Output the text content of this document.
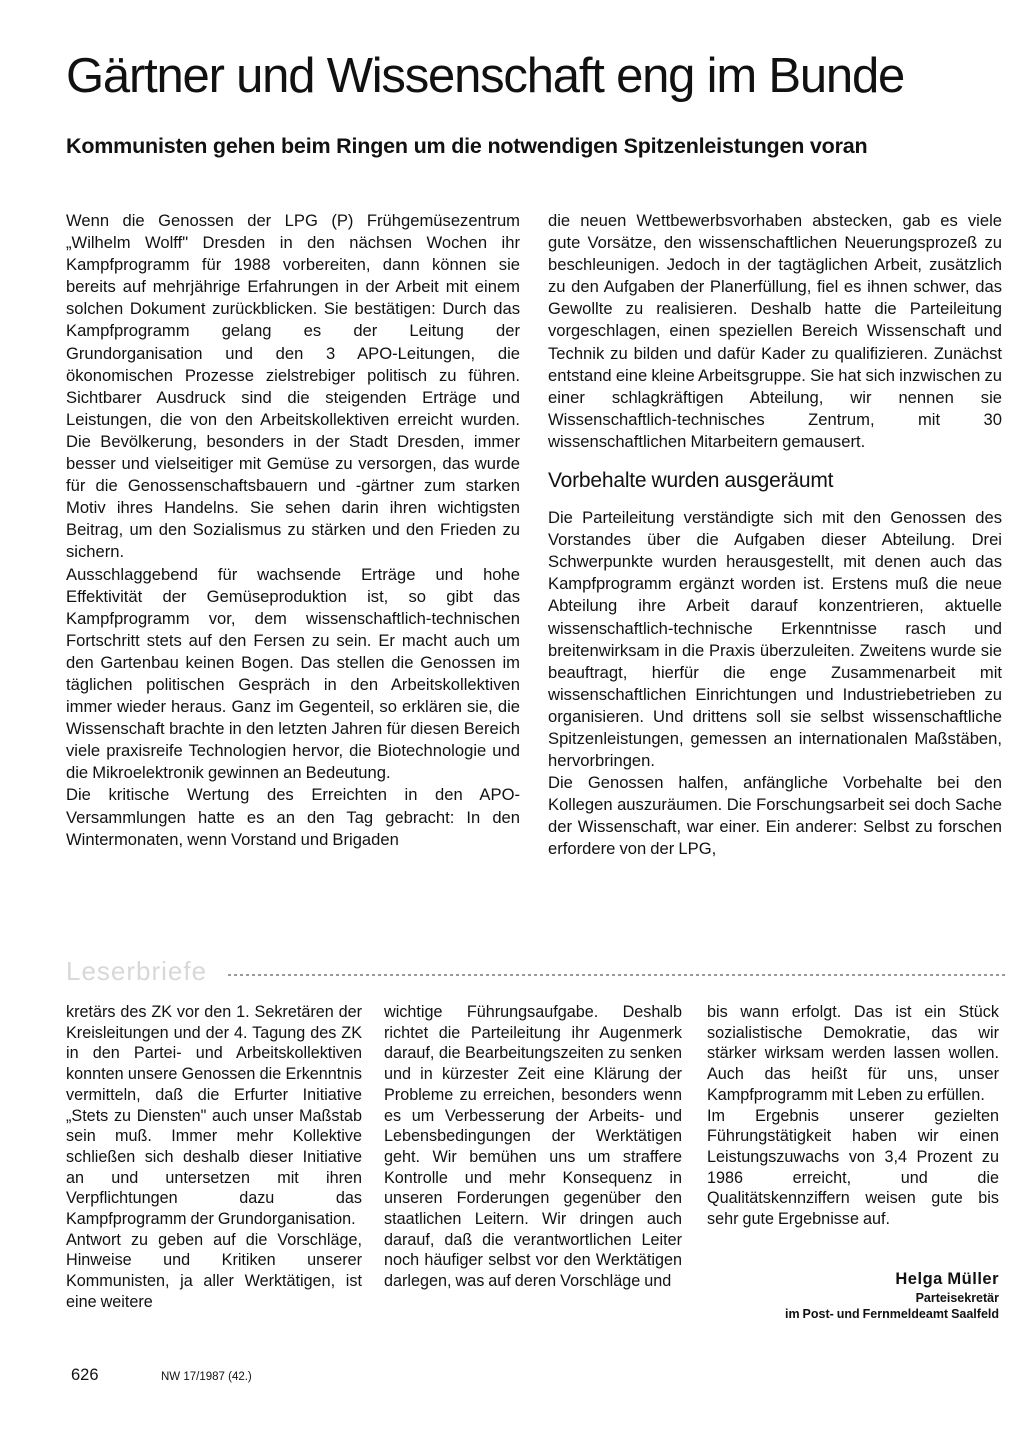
Gärtner und Wissenschaft eng im Bunde
Kommunisten gehen beim Ringen um die notwendigen Spitzenleistungen voran

Wenn die Genossen der LPG (P) Frühgemüsezentrum „Wilhelm Wolff" Dresden in den nächsen Wochen ihr Kampfprogramm für 1988 vorbereiten, dann können sie bereits auf mehrjährige Erfahrungen in der Arbeit mit einem solchen Dokument zurückblicken. Sie bestätigen: Durch das Kampfprogramm gelang es der Leitung der Grundorganisation und den 3 APO-Leitungen, die ökonomischen Prozesse zielstrebiger politisch zu führen. Sichtbarer Ausdruck sind die steigenden Erträge und Leistungen, die von den Arbeitskollektiven erreicht wurden. Die Bevölkerung, besonders in der Stadt Dresden, immer besser und vielseitiger mit Gemüse zu versorgen, das wurde für die Genossenschaftsbauern und -gärtner zum starken Motiv ihres Handelns. Sie sehen darin ihren wichtigsten Beitrag, um den Sozialismus zu stärken und den Frieden zu sichern.

Ausschlaggebend für wachsende Erträge und hohe Effektivität der Gemüseproduktion ist, so gibt das Kampfprogramm vor, dem wissenschaftlich-technischen Fortschritt stets auf den Fersen zu sein. Er macht auch um den Gartenbau keinen Bogen. Das stellen die Genossen im täglichen politischen Gespräch in den Arbeitskollektiven immer wieder heraus. Ganz im Gegenteil, so erklären sie, die Wissenschaft brachte in den letzten Jahren für diesen Bereich viele praxisreife Technologien hervor, die Biotechnologie und die Mikroelektronik gewinnen an Bedeutung.

Die kritische Wertung des Erreichten in den APO-Versammlungen hatte es an den Tag gebracht: In den Wintermonaten, wenn Vorstand und Brigaden

die neuen Wettbewerbsvorhaben abstecken, gab es viele gute Vorsätze, den wissenschaftlichen Neuerungsprozeß zu beschleunigen. Jedoch in der tagtäglichen Arbeit, zusätzlich zu den Aufgaben der Planerfüllung, fiel es ihnen schwer, das Gewollte zu realisieren. Deshalb hatte die Parteileitung vorgeschlagen, einen speziellen Bereich Wissenschaft und Technik zu bilden und dafür Kader zu qualifizieren. Zunächst entstand eine kleine Arbeitsgruppe. Sie hat sich inzwischen zu einer schlagkräftigen Abteilung, wir nennen sie Wissenschaftlich-technisches Zentrum, mit 30 wissenschaftlichen Mitarbeitern gemausert.

Vorbehalte wurden ausgeräumt

Die Parteileitung verständigte sich mit den Genossen des Vorstandes über die Aufgaben dieser Abteilung. Drei Schwerpunkte wurden herausgestellt, mit denen auch das Kampfprogramm ergänzt worden ist. Erstens muß die neue Abteilung ihre Arbeit darauf konzentrieren, aktuelle wissenschaftlich-technische Erkenntnisse rasch und breitenwirksam in die Praxis überzuleiten. Zweitens wurde sie beauftragt, hierfür die enge Zusammenarbeit mit wissenschaftlichen Einrichtungen und Industriebetrieben zu organisieren. Und drittens soll sie selbst wissenschaftliche Spitzenleistungen, gemessen an internationalen Maßstäben, hervorbringen.

Die Genossen halfen, anfängliche Vorbehalte bei den Kollegen auszuräumen. Die Forschungsarbeit sei doch Sache der Wissenschaft, war einer. Ein anderer: Selbst zu forschen erfordere von der LPG,

Leserbriefe

kretärs des ZK vor den 1. Sekretären der Kreisleitungen und der 4. Tagung des ZK in den Partei- und Arbeitskollektiven konnten unsere Genossen die Erkenntnis vermitteln, daß die Erfurter Initiative „Stets zu Diensten" auch unser Maßstab sein muß. Immer mehr Kollektive schließen sich deshalb dieser Initiative an und untersetzen mit ihren Verpflichtungen dazu das Kampfprogramm der Grundorganisation.

Antwort zu geben auf die Vorschläge, Hinweise und Kritiken unserer Kommunisten, ja aller Werktätigen, ist eine weitere

wichtige Führungsaufgabe. Deshalb richtet die Parteileitung ihr Augenmerk darauf, die Bearbeitungszeiten zu senken und in kürzester Zeit eine Klärung der Probleme zu erreichen, besonders wenn es um Verbesserung der Arbeits- und Lebensbedingungen der Werktätigen geht. Wir bemühen uns um straffere Kontrolle und mehr Konsequenz in unseren Forderungen gegenüber den staatlichen Leitern. Wir dringen auch darauf, daß die verantwortlichen Leiter noch häufiger selbst vor den Werktätigen darlegen, was auf deren Vorschläge und

bis wann erfolgt. Das ist ein Stück sozialistische Demokratie, das wir stärker wirksam werden lassen wollen. Auch das heißt für uns, unser Kampfprogramm mit Leben zu erfüllen.

Im Ergebnis unserer gezielten Führungstätigkeit haben wir einen Leistungszuwachs von 3,4 Prozent zu 1986 erreicht, und die Qualitätskennziffern weisen gute bis sehr gute Ergebnisse auf.

Helga Müller
Parteisekretär
im Post- und Fernmeldeamt Saalfeld
626	NW 17/1987 (42.)
